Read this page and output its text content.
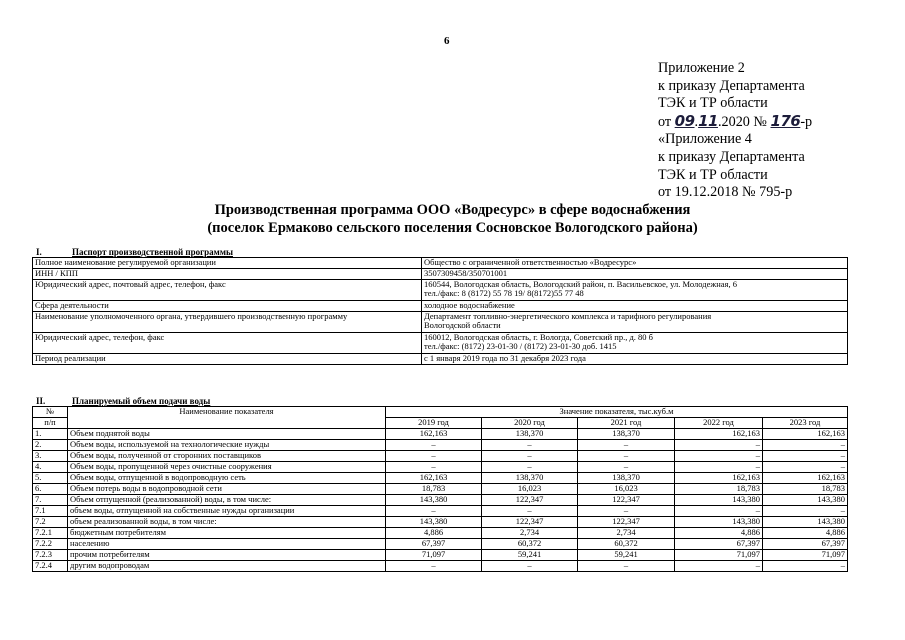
6
Приложение 2
к приказу Департамента
ТЭК и ТР области
от 09.11.2020 № 176-р
«Приложение 4
к приказу Департамента
ТЭК и ТР области
от 19.12.2018 № 795-р
Производственная программа ООО «Водресурс» в сфере водоснабжения
(поселок Ермаково сельского поселения Сосновское Вологодского района)
I.	Паспорт производственной программы
Полное наименование регулируемой организации	Общество с ограниченной ответственностью «Водресурс»

ИНН / КПП	3507309458/350701001

Юридический адрес, почтовый адрес, телефон, факс	160544, Вологодская область, Вологодский район, п. Васильевское, ул. Молодежная, 6
тел./факс: 8 (8172) 55 78 19/ 8(8172)55 77 48

Сфера деятельности	холодное водоснабжение

Наименование уполномоченного органа, утвердившего производственную программу	Департамент топливно-энергетического комплекса и тарифного регулирования
Вологодской области

Юридический адрес, телефон, факс	160012, Вологодская область, г. Вологда, Советский пр., д. 80 б
тел./факс: (8172) 23-01-30 / (8172) 23-01-30 доб. 1415

Период реализации	с 1 января 2019 года по 31 декабря 2023 года
II.	Планируемый объем подачи воды
№	Наименование показателя	Значение показателя, тыс.куб.м				
п/п		2019 год	2020 год	2021 год	2022 год	2023 год
1.	Объем поднятой воды	162,163	138,370	138,370	162,163	162,163
2.	Объем воды, используемой на технологические нужды	–	–	–	–	–
3.	Объем воды, полученной от сторонних поставщиков	–	–	–	–	–
4.	Объем воды, пропущенной через очистные сооружения	–	–	–	–	–
5.	Объем воды, отпущенной в водопроводную сеть	162,163	138,370	138,370	162,163	162,163
6.	Объем потерь воды в водопроводной сети	18,783	16,023	16,023	18,783	18,783
7.	Объем отпущенной (реализованной) воды, в том числе:	143,380	122,347	122,347	143,380	143,380
7.1	объем воды, отпущенной на собственные нужды организации	–	–	–	–	–
7.2	объем реализованной воды, в том числе:	143,380	122,347	122,347	143,380	143,380
7.2.1	бюджетным потребителям	4,886	2,734	2,734	4,886	4,886
7.2.2	населению	67,397	60,372	60,372	67,397	67,397
7.2.3	прочим потребителям	71,097	59,241	59,241	71,097	71,097
7.2.4	другим водопроводам	–	–	–	–	–
